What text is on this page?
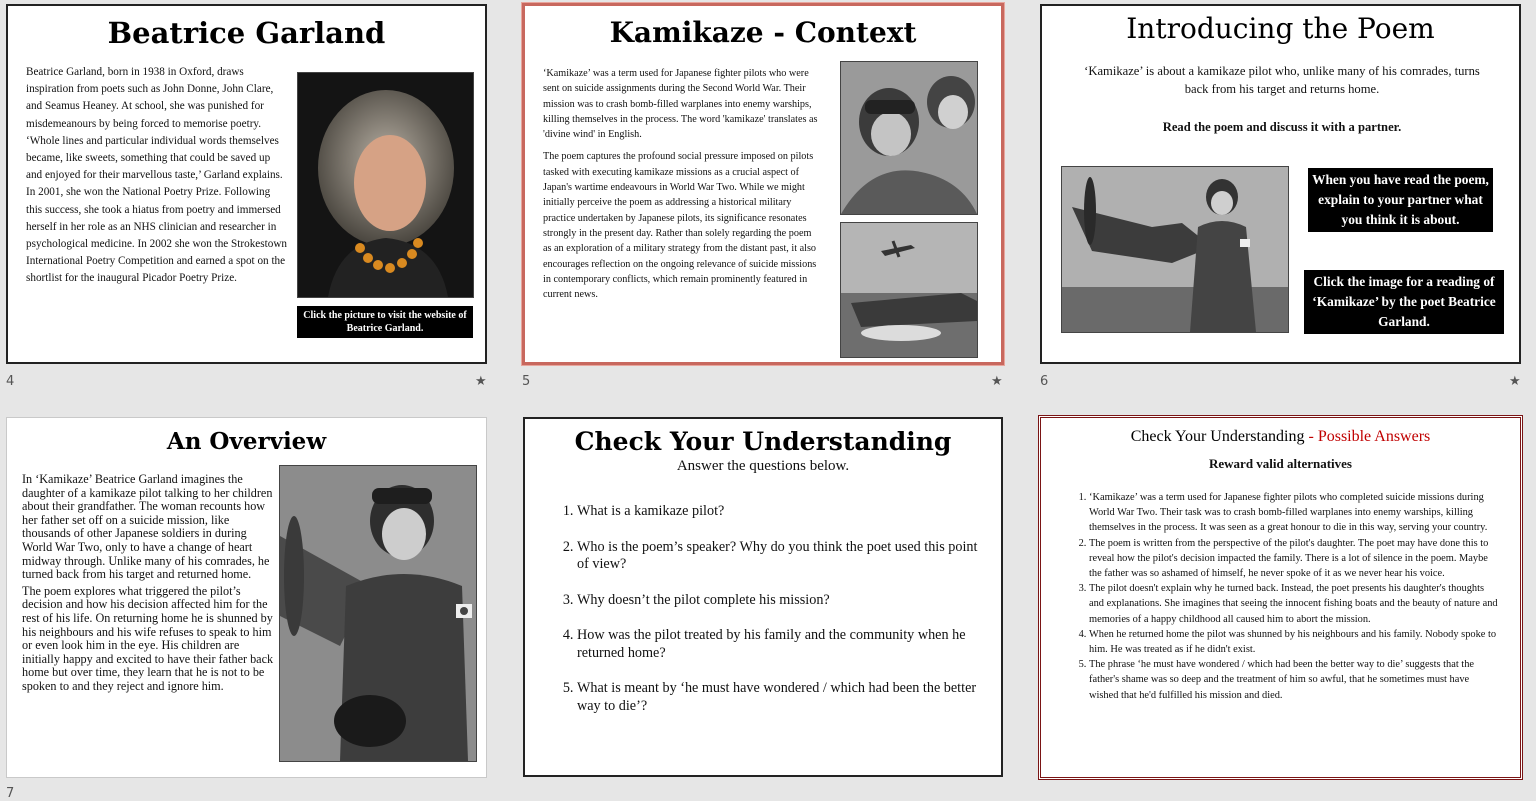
Beatrice Garland

Beatrice Garland, born in 1938 in Oxford, draws inspiration from poets such as John Donne, John Clare, and Seamus Heaney. At school, she was punished for misdemeanours by being forced to memorise poetry. ‘Whole lines and particular individual words themselves became, like sweets, something that could be saved up and enjoyed for their marvellous taste,’ Garland explains.

In 2001, she won the National Poetry Prize. Following this success, she took a hiatus from poetry and immersed herself in her role as an NHS clinician and researcher in psychological medicine. In 2002 she won the Strokestown International Poetry Competition and earned a spot on the shortlist for the inaugural Picador Poetry Prize.

Click the picture to visit the website of Beatrice Garland.
4	★
Kamikaze - Context

‘Kamikaze’ was a term used for Japanese fighter pilots who were sent on suicide assignments during the Second World War. Their mission was to crash bomb-filled warplanes into enemy warships, killing themselves in the process. The word 'kamikaze' translates as 'divine wind' in English.

The poem captures the profound social pressure imposed on pilots tasked with executing kamikaze missions as a crucial aspect of Japan's wartime endeavours in World War Two. While we might initially perceive the poem as addressing a historical military practice undertaken by Japanese pilots, its significance resonates strongly in the present day. Rather than solely regarding the poem as an exploration of a military strategy from the distant past, it also encourages reflection on the ongoing relevance of suicide missions in contemporary conflicts, which remain prominently featured in current news.

5	★
Introducing the Poem

‘Kamikaze’ is about a kamikaze pilot who, unlike many of his comrades, turns back from his target and returns home.

Read the poem and discuss it with a partner.

When you have read the poem, explain to your partner what you think it is about.
Click the image for a reading of ‘Kamikaze’ by the poet Beatrice Garland.
6	★
An Overview

In ‘Kamikaze’ Beatrice Garland imagines the daughter of a kamikaze pilot talking to her children about their grandfather. The woman recounts how her father set off on a suicide mission, like thousands of other Japanese soldiers in during World War Two, only to have a change of heart midway through. Unlike many of his comrades, he turned back from his target and returned home.

The poem explores what triggered the pilot’s decision and how his decision affected him for the rest of his life. On returning home he is shunned by his neighbours and his wife refuses to speak to him or even look him in the eye. His children are initially happy and excited to have their father back home but over time, they learn that he is not to be spoken to and they reject and ignore him.

7
Check Your Understanding

Answer the questions below.

1. What is a kamikaze pilot?
2. Who is the poem’s speaker? Why do you think the poet used this point of view?
3. Why doesn’t the pilot complete his mission?
4. How was the pilot treated by his family and the community when he returned home?
5. What is meant by ‘he must have wondered / which had been the better way to die’?
Check Your Understanding - Possible Answers

Reward valid alternatives

1. ‘Kamikaze’ was a term used for Japanese fighter pilots who completed suicide missions during World War Two. Their task was to crash bomb-filled warplanes into enemy warships, killing themselves in the process. It was seen as a great honour to die in this way, serving your country.
2. The poem is written from the perspective of the pilot's daughter. The poet may have done this to reveal how the pilot's decision impacted the family. There is a lot of silence in the poem. Maybe the father was so ashamed of himself, he never spoke of it as we never hear his voice.
3. The pilot doesn't explain why he turned back. Instead, the poet presents his daughter's thoughts and explanations. She imagines that seeing the innocent fishing boats and the beauty of nature and memories of a happy childhood all caused him to abort the mission.
4. When he returned home the pilot was shunned by his neighbours and his family. Nobody spoke to him. He was treated as if he didn't exist.
5. The phrase ‘he must have wondered / which had been the better way to die’ suggests that the father's shame was so deep and the treatment of him so awful, that he sometimes must have wished that he'd fulfilled his mission and died.
